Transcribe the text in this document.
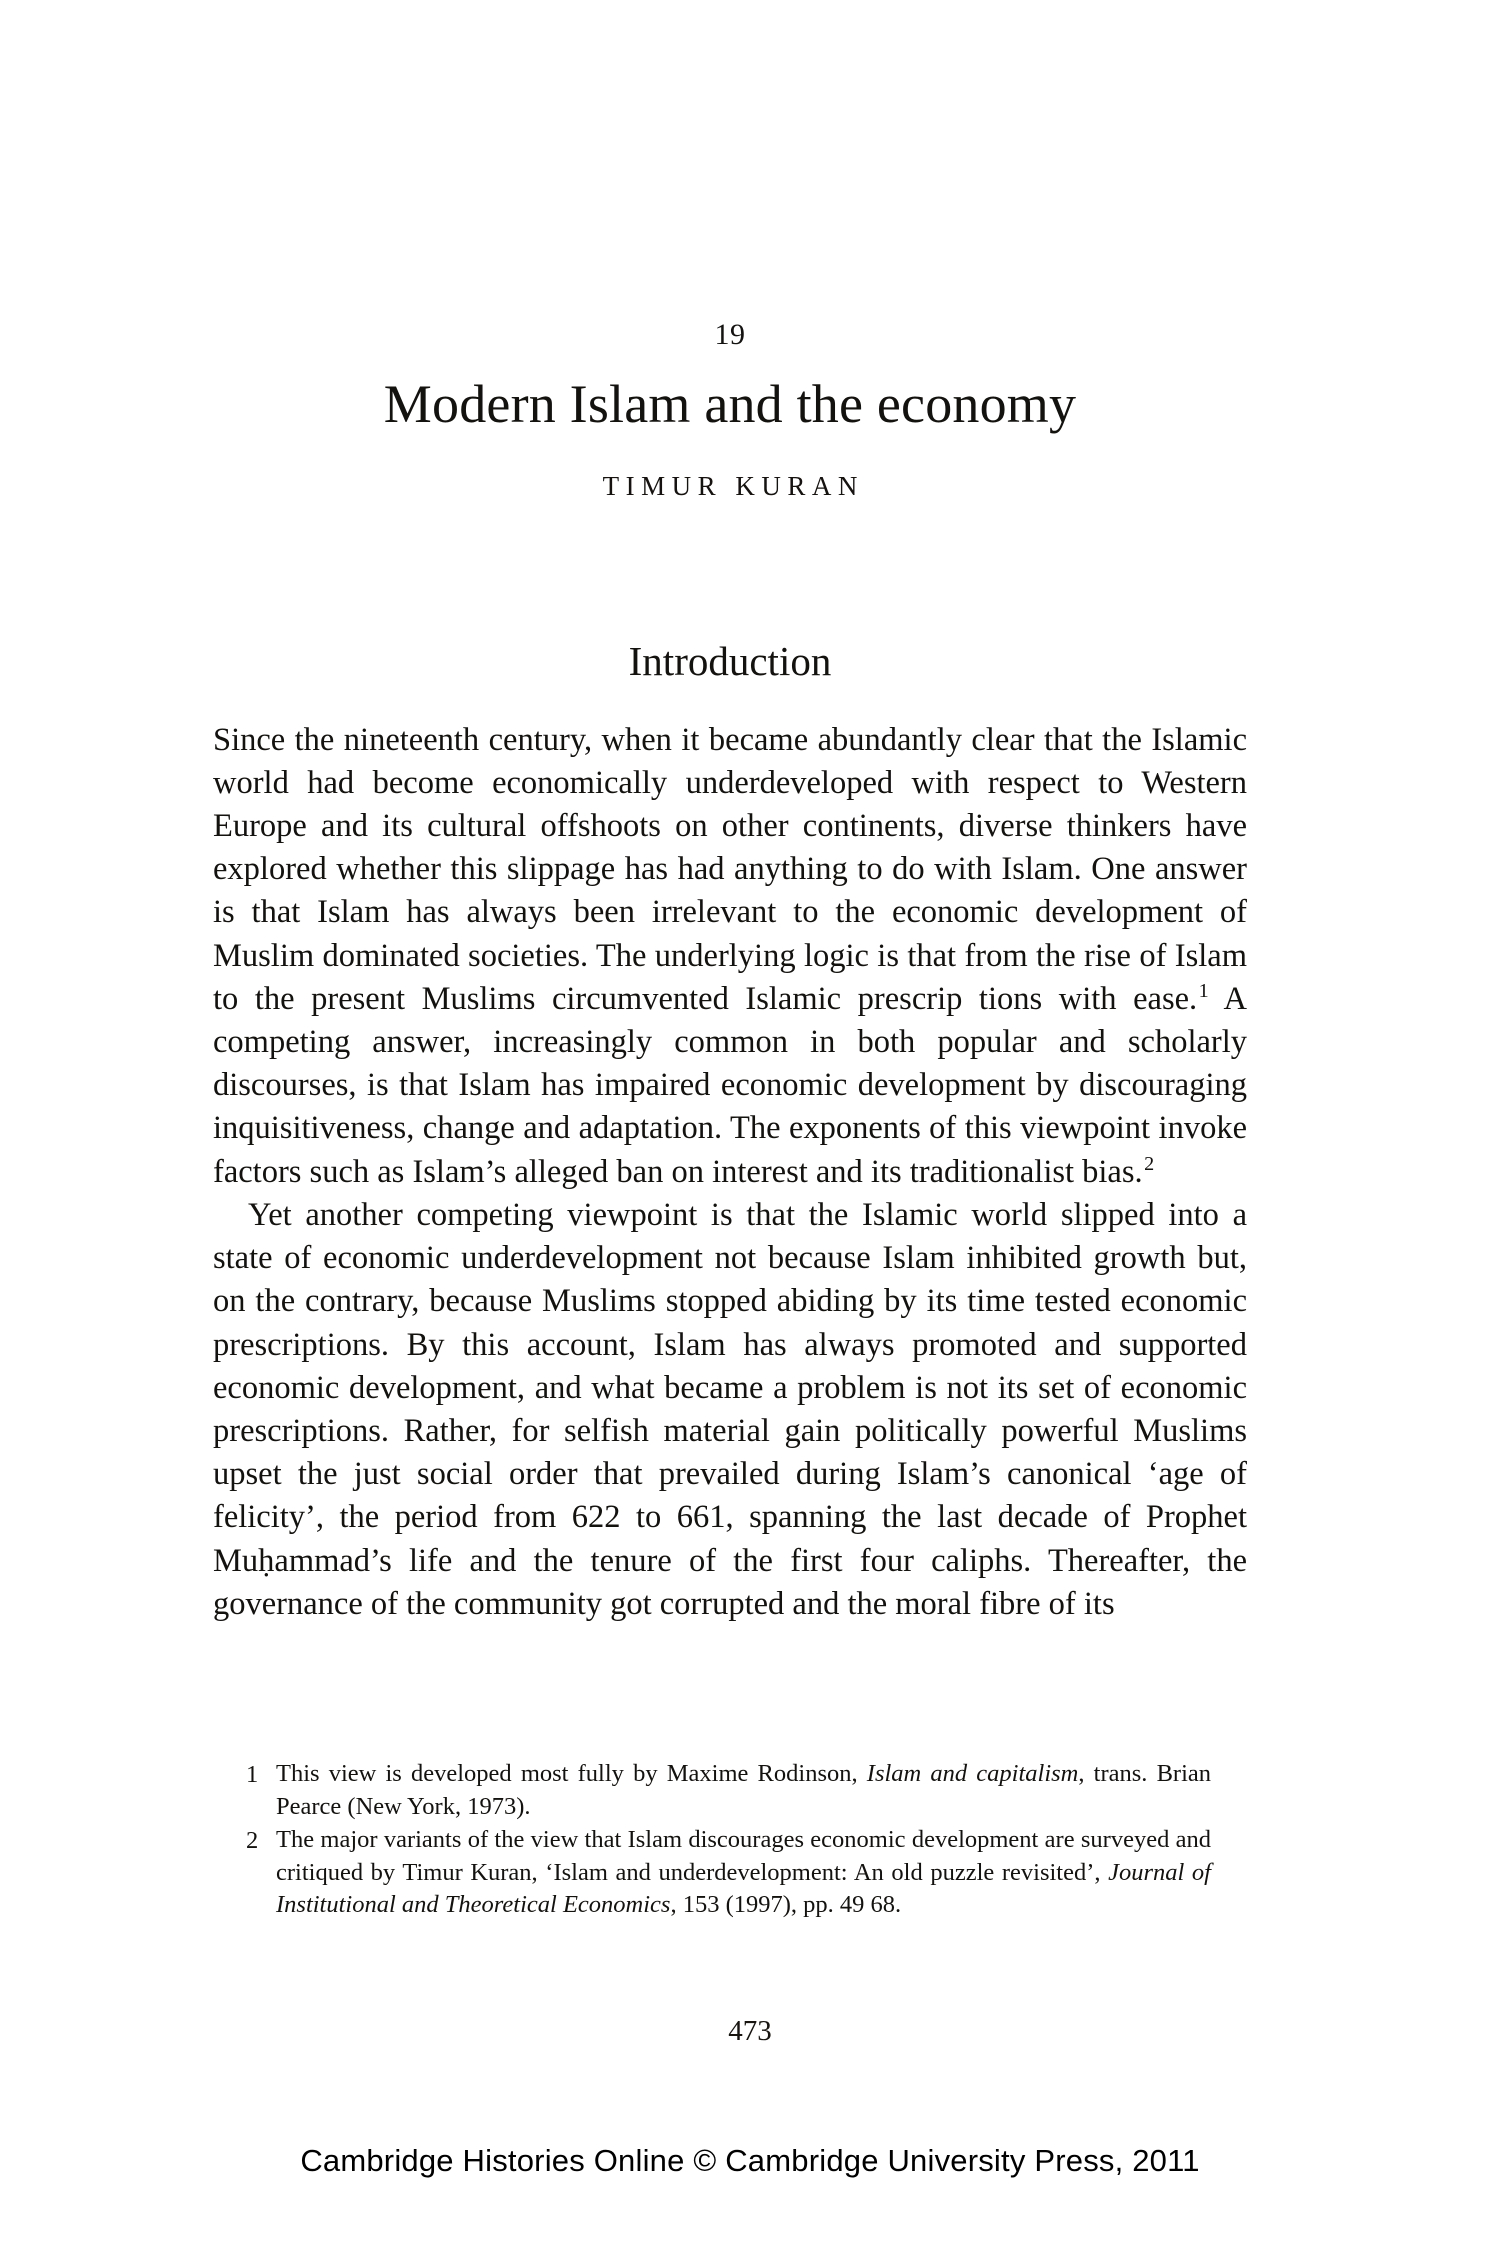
19
Modern Islam and the economy
TIMUR KURAN
Introduction

Since the nineteenth century, when it became abundantly clear that the Islamic world had become economically underdeveloped with respect to Western Europe and its cultural offshoots on other continents, diverse thinkers have explored whether this slippage has had anything to do with Islam. One answer is that Islam has always been irrelevant to the economic development of Muslim dominated societies. The underlying logic is that from the rise of Islam to the present Muslims circumvented Islamic prescrip tions with ease.$^1$ A competing answer, increasingly common in both popular and scholarly discourses, is that Islam has impaired economic development by discouraging inquisitiveness, change and adaptation. The exponents of this viewpoint invoke factors such as Islam’s alleged ban on interest and its traditionalist bias.$^2$

Yet another competing viewpoint is that the Islamic world slipped into a state of economic underdevelopment not because Islam inhibited growth but, on the contrary, because Muslims stopped abiding by its time tested economic prescriptions. By this account, Islam has always promoted and supported economic development, and what became a problem is not its set of economic prescriptions. Rather, for selfish material gain politically powerful Muslims upset the just social order that prevailed during Islam’s canonical ‘age of felicity’, the period from 622 to 661, spanning the last decade of Prophet Muḥammad’s life and the tenure of the first four caliphs. Thereafter, the governance of the community got corrupted and the moral fibre of its

1 This view is developed most fully by Maxime Rodinson, Islam and capitalism, trans. Brian Pearce (New York, 1973).
2 The major variants of the view that Islam discourages economic development are surveyed and critiqued by Timur Kuran, ‘Islam and underdevelopment: An old puzzle revisited’, Journal of Institutional and Theoretical Economics, 153 (1997), pp. 49 68.
473
Cambridge Histories Online © Cambridge University Press, 2011
